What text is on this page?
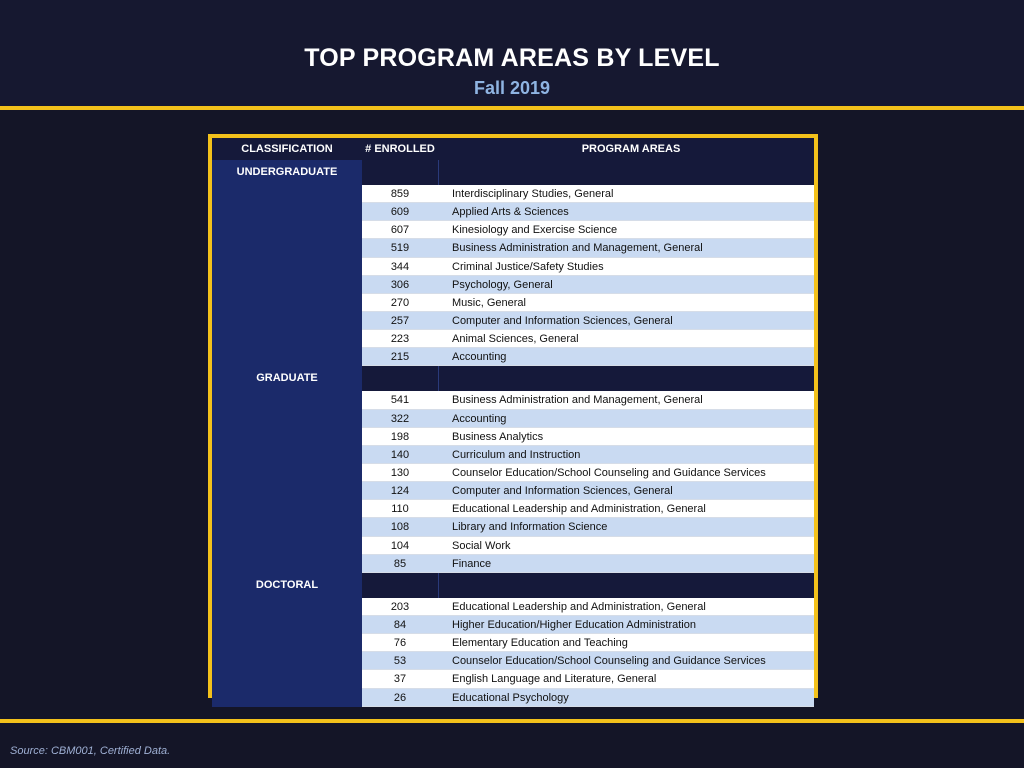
TOP PROGRAM AREAS BY LEVEL
Fall 2019
CLASSIFICATION	# ENROLLED	PROGRAM AREAS
UNDERGRADUATE
859	Interdisciplinary Studies, General
609	Applied Arts & Sciences
607	Kinesiology and Exercise Science
519	Business Administration and Management, General
344	Criminal Justice/Safety Studies
306	Psychology, General
270	Music, General
257	Computer and Information Sciences, General
223	Animal Sciences, General
215	Accounting
GRADUATE
541	Business Administration and Management, General
322	Accounting
198	Business Analytics
140	Curriculum and Instruction
130	Counselor Education/School Counseling and Guidance Services
124	Computer and Information Sciences, General
110	Educational Leadership and Administration, General
108	Library and Information Science
104	Social Work
85	Finance
DOCTORAL
203	Educational Leadership and Administration, General
84	Higher Education/Higher Education Administration
76	Elementary Education and Teaching
53	Counselor Education/School Counseling and Guidance Services
37	English Language and Literature, General
26	Educational Psychology
Source: CBM001, Certified Data.
